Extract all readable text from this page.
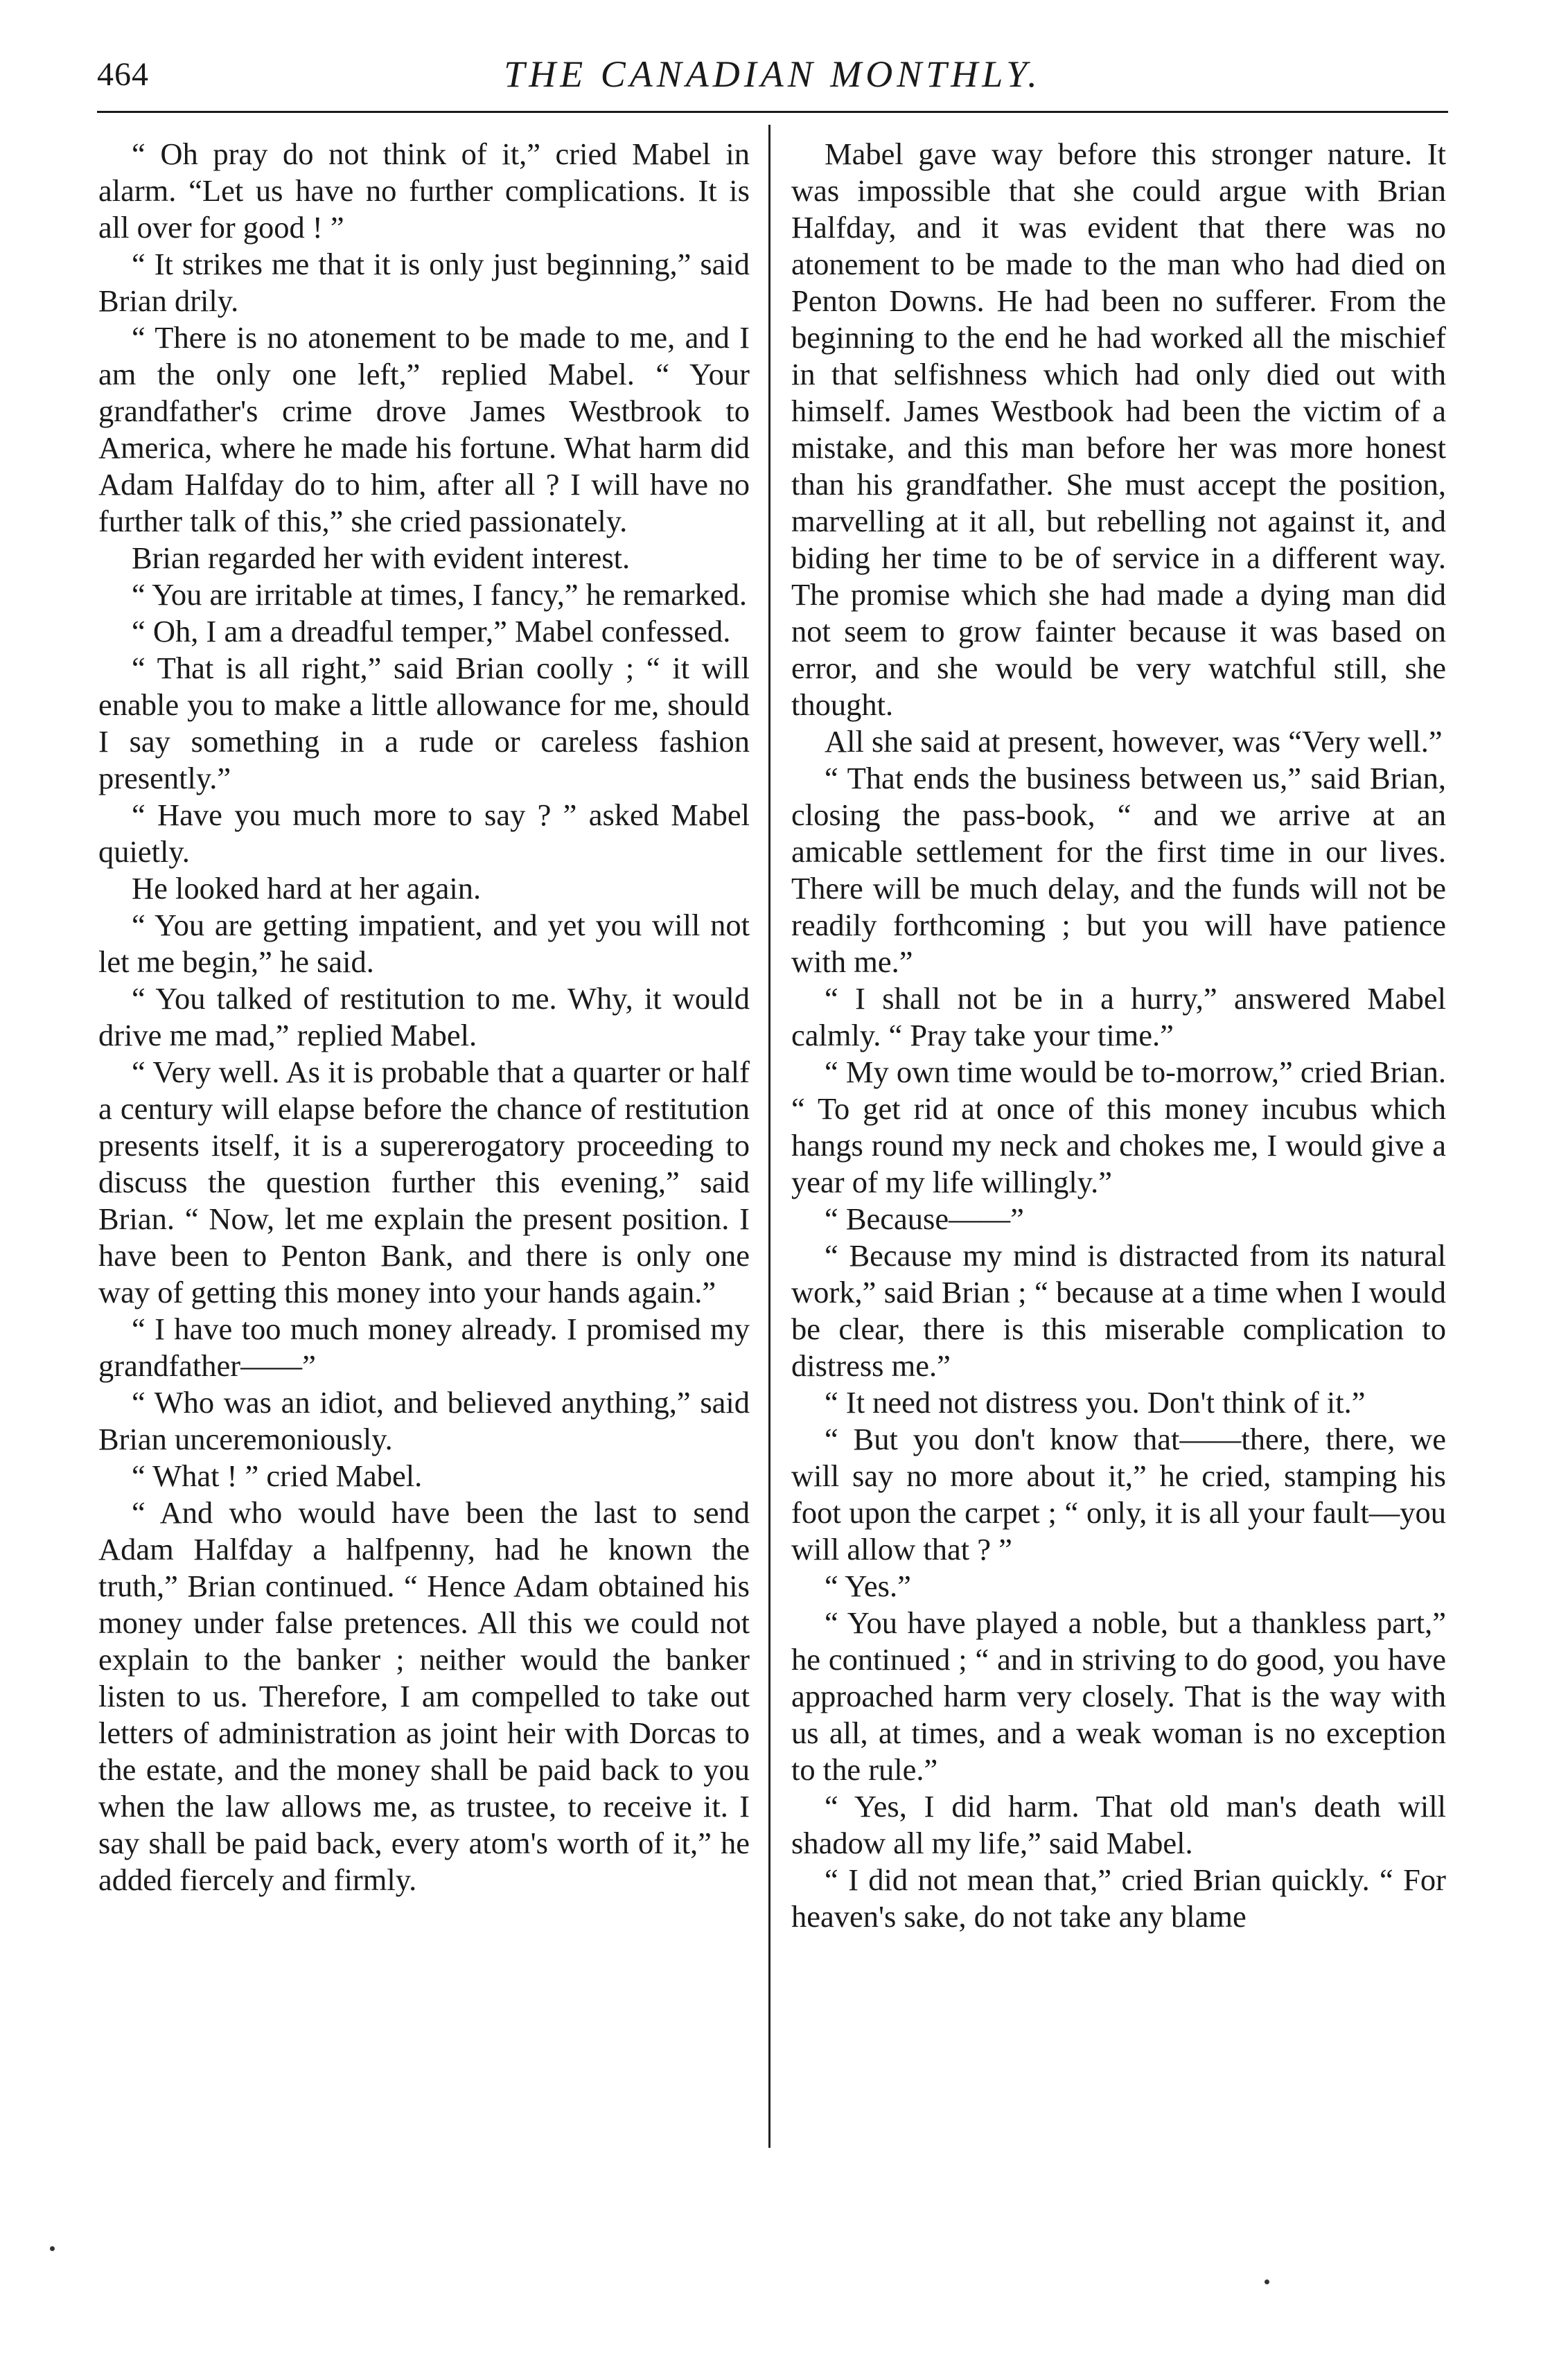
464	THE CANADIAN MONTHLY.

“ Oh pray do not think of it,” cried Mabel in alarm. “Let us have no further complications. It is all over for good ! ”

“ It strikes me that it is only just beginning,” said Brian drily.

“ There is no atonement to be made to me, and I am the only one left,” replied Mabel. “ Your grandfather's crime drove James Westbrook to America, where he made his fortune. What harm did Adam Halfday do to him, after all ? I will have no further talk of this,” she cried passionately.

Brian regarded her with evident interest.

“ You are irritable at times, I fancy,” he remarked.

“ Oh, I am a dreadful temper,” Mabel confessed.

“ That is all right,” said Brian coolly ; “ it will enable you to make a little allowance for me, should I say something in a rude or careless fashion presently.”

“ Have you much more to say ? ” asked Mabel quietly.

He looked hard at her again.

“ You are getting impatient, and yet you will not let me begin,” he said.

“ You talked of restitution to me. Why, it would drive me mad,” replied Mabel.

“ Very well. As it is probable that a quarter or half a century will elapse before the chance of restitution presents itself, it is a supererogatory proceeding to discuss the question further this evening,” said Brian. “ Now, let me explain the present position. I have been to Penton Bank, and there is only one way of getting this money into your hands again.”

“ I have too much money already. I promised my grandfather——”

“ Who was an idiot, and believed anything,” said Brian unceremoniously.

“ What ! ” cried Mabel.

“ And who would have been the last to send Adam Halfday a halfpenny, had he known the truth,” Brian continued. “ Hence Adam obtained his money under false pretences. All this we could not explain to the banker ; neither would the banker listen to us. Therefore, I am compelled to take out letters of administration as joint heir with Dorcas to the estate, and the money shall be paid back to you when the law allows me, as trustee, to receive it. I say shall be paid back, every atom's worth of it,” he added fiercely and firmly.

Mabel gave way before this stronger nature. It was impossible that she could argue with Brian Halfday, and it was evident that there was no atonement to be made to the man who had died on Penton Downs. He had been no sufferer. From the beginning to the end he had worked all the mischief in that selfishness which had only died out with himself. James Westbook had been the victim of a mistake, and this man before her was more honest than his grandfather. She must accept the position, marvelling at it all, but rebelling not against it, and biding her time to be of service in a different way. The promise which she had made a dying man did not seem to grow fainter because it was based on error, and she would be very watchful still, she thought.

All she said at present, however, was “Very well.”

“ That ends the business between us,” said Brian, closing the pass-book, “ and we arrive at an amicable settlement for the first time in our lives. There will be much delay, and the funds will not be readily forthcoming ; but you will have patience with me.”

“ I shall not be in a hurry,” answered Mabel calmly. “ Pray take your time.”

“ My own time would be to-morrow,” cried Brian. “ To get rid at once of this money incubus which hangs round my neck and chokes me, I would give a year of my life willingly.”

“ Because——”

“ Because my mind is distracted from its natural work,” said Brian ; “ because at a time when I would be clear, there is this miserable complication to distress me.”

“ It need not distress you. Don't think of it.”

“ But you don't know that——there, there, we will say no more about it,” he cried, stamping his foot upon the carpet ; “ only, it is all your fault—you will allow that ? ”

“ Yes.”

“ You have played a noble, but a thankless part,” he continued ; “ and in striving to do good, you have approached harm very closely. That is the way with us all, at times, and a weak woman is no exception to the rule.”

“ Yes, I did harm. That old man's death will shadow all my life,” said Mabel.

“ I did not mean that,” cried Brian quickly. “ For heaven's sake, do not take any blame
